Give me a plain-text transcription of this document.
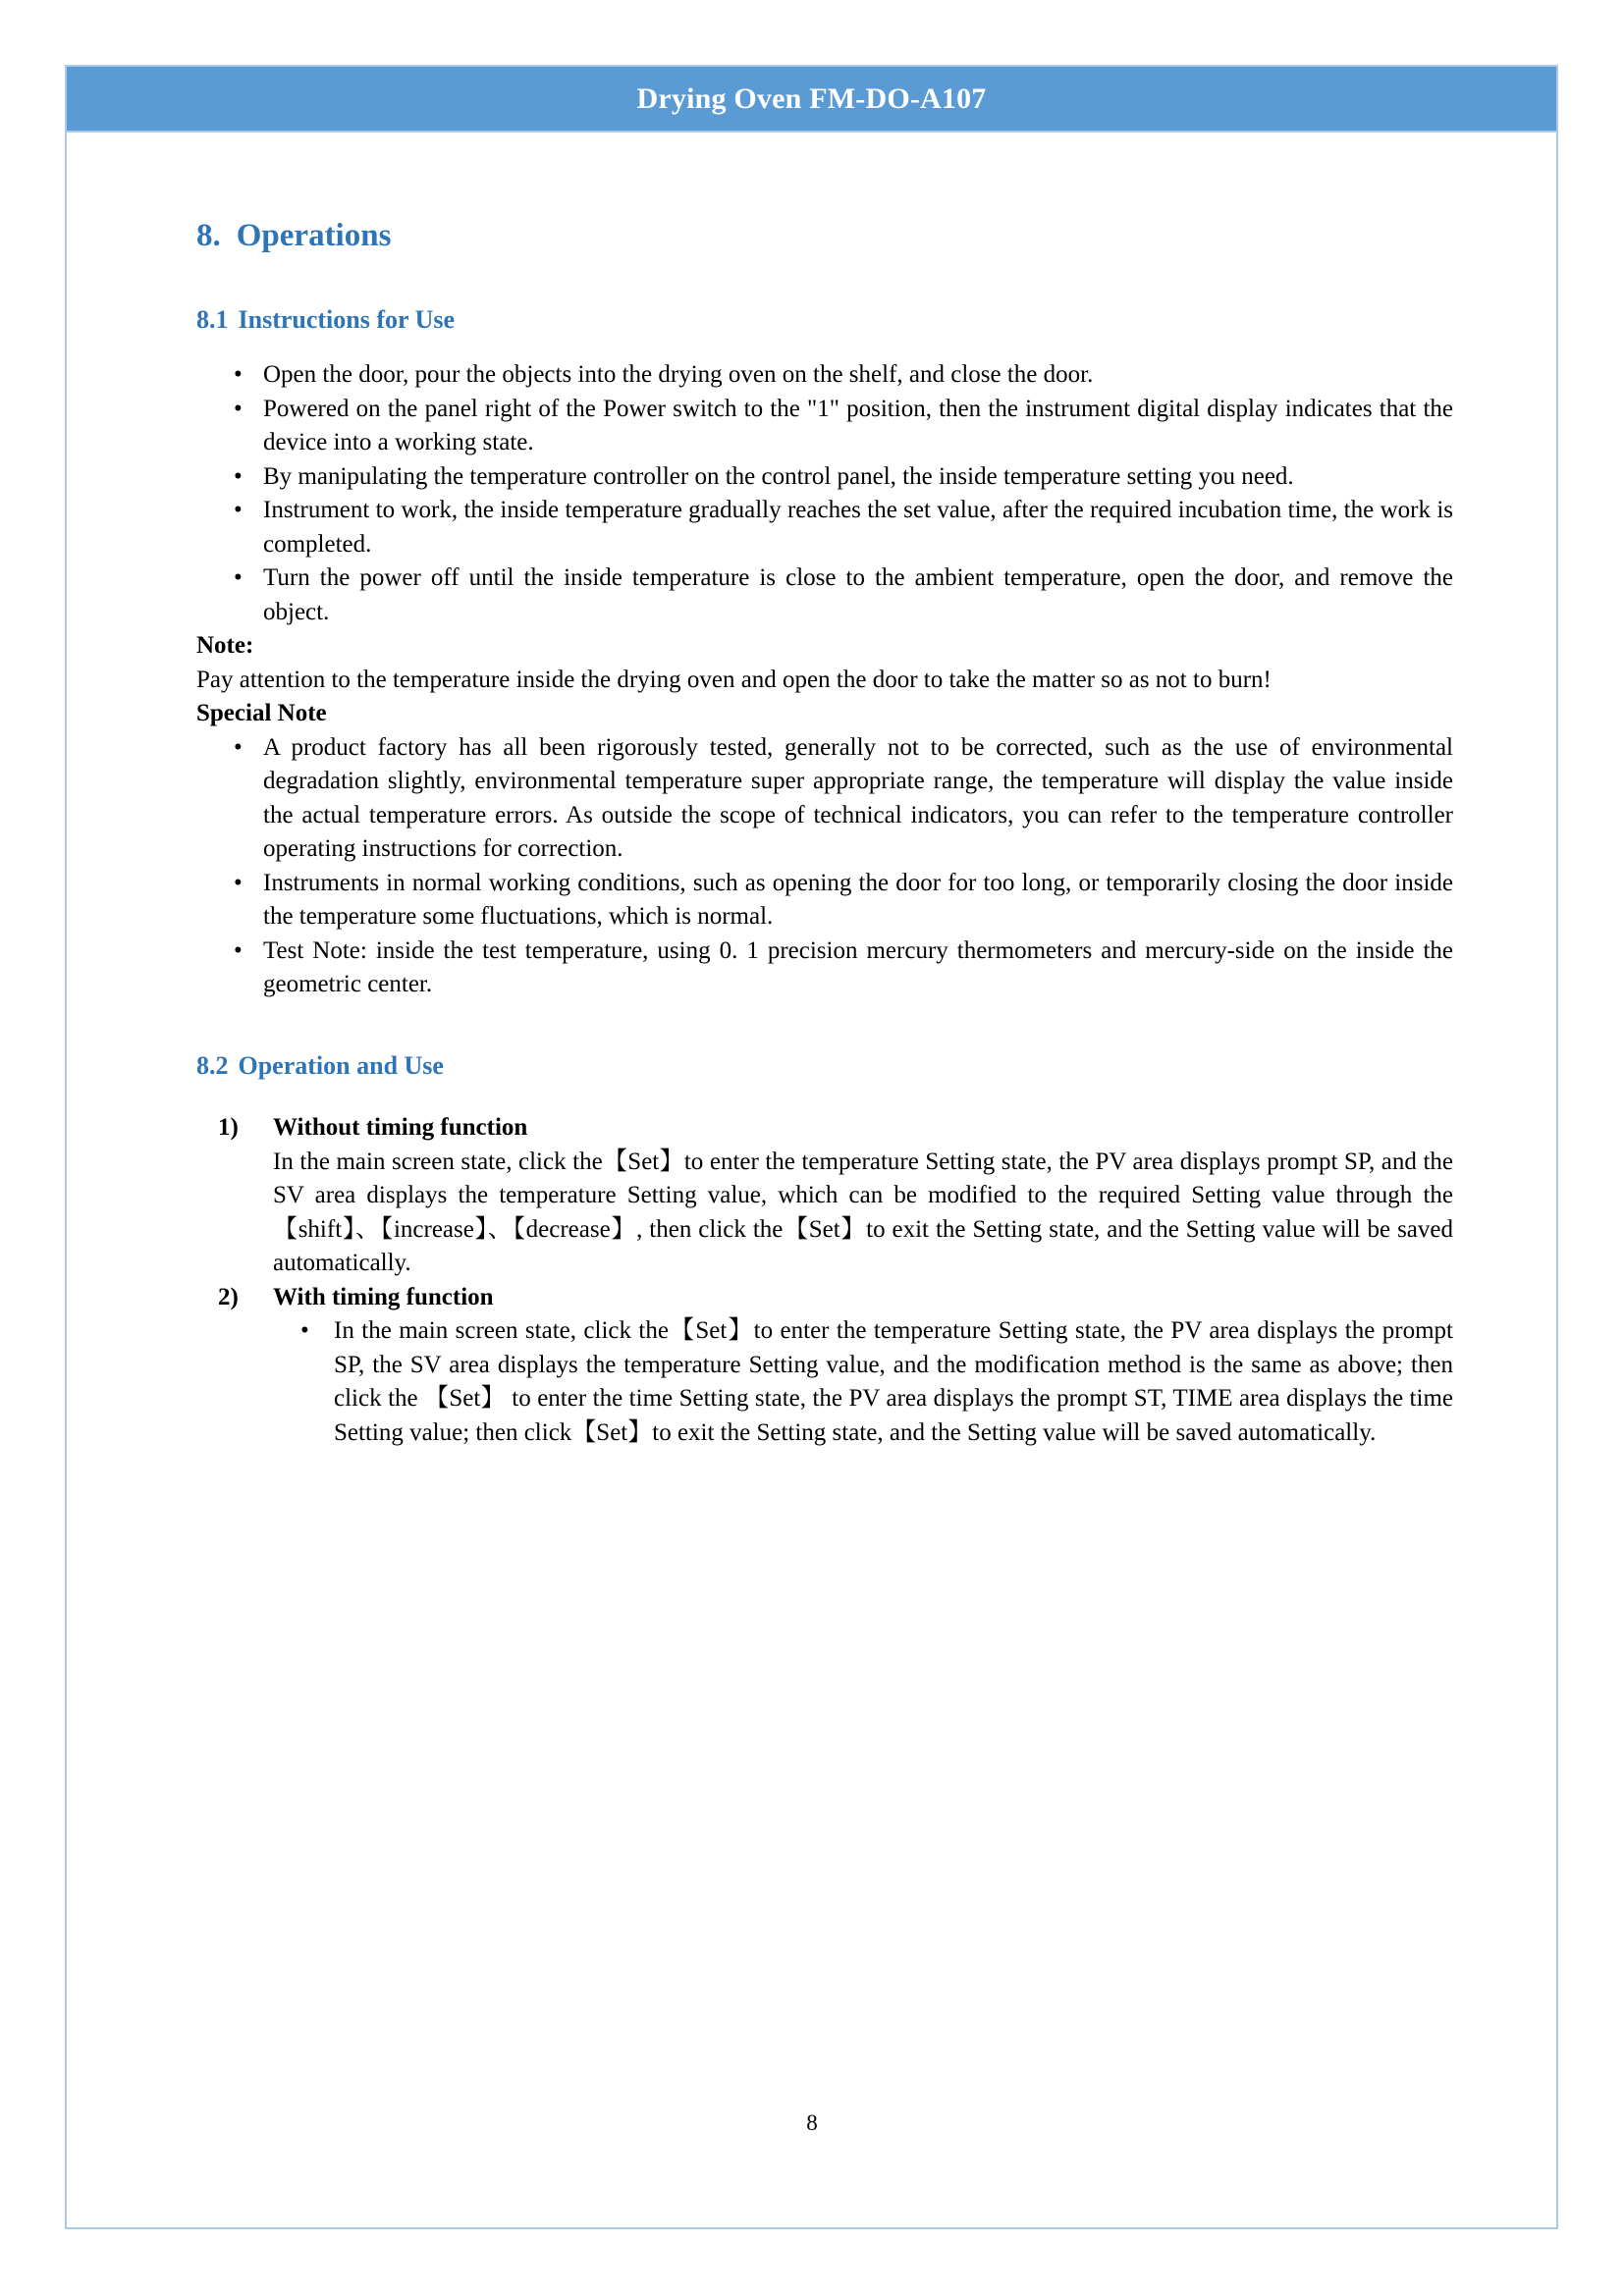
Drying Oven FM-DO-A107
8. Operations
8.1 Instructions for Use
• Open the door, pour the objects into the drying oven on the shelf, and close the door.
• Powered on the panel right of the Power switch to the "1" position, then the instrument digital display indicates that the device into a working state.
• By manipulating the temperature controller on the control panel, the inside temperature setting you need.
• Instrument to work, the inside temperature gradually reaches the set value, after the required incubation time, the work is completed.
• Turn the power off until the inside temperature is close to the ambient temperature, open the door, and remove the object.
Note:

Pay attention to the temperature inside the drying oven and open the door to take the matter so as not to burn!

Special Note
• A product factory has all been rigorously tested, generally not to be corrected, such as the use of environmental degradation slightly, environmental temperature super appropriate range, the temperature will display the value inside the actual temperature errors. As outside the scope of technical indicators, you can refer to the temperature controller operating instructions for correction.
• Instruments in normal working conditions, such as opening the door for too long, or temporarily closing the door inside the temperature some fluctuations, which is normal.
• Test Note: inside the test temperature, using 0. 1 precision mercury thermometers and mercury-side on the inside the geometric center.
8.2 Operation and Use
1) Without timing function
In the main screen state, click the【Set】to enter the temperature Setting state, the PV area displays prompt SP, and the SV area displays the temperature Setting value, which can be modified to the required Setting value through the 【shift】、【increase】、【decrease】, then click the【Set】to exit the Setting state, and the Setting value will be saved automatically.
2) With timing function
• In the main screen state, click the【Set】to enter the temperature Setting state, the PV area displays the prompt SP, the SV area displays the temperature Setting value, and the modification method is the same as above; then click the 【Set】 to enter the time Setting state, the PV area displays the prompt ST, TIME area displays the time Setting value; then click【Set】to exit the Setting state, and the Setting value will be saved automatically.
8
